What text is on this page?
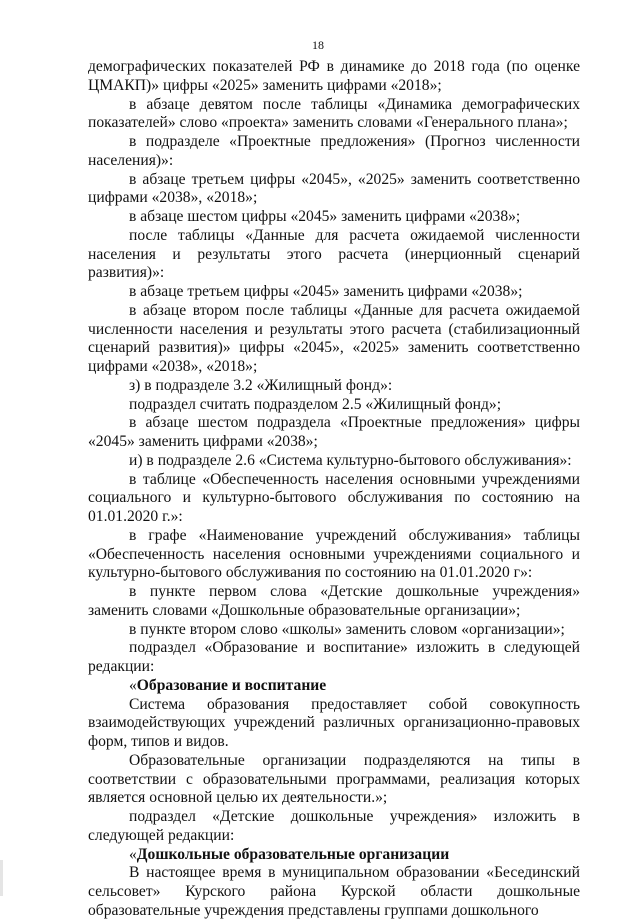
18

демографических показателей РФ в динамике до 2018 года (по оценке ЦМАКП)» цифры «2025» заменить цифрами «2018»;

в абзаце девятом после таблицы «Динамика демографических показателей» слово «проекта» заменить словами «Генерального плана»;

в подразделе «Проектные предложения» (Прогноз численности населения)»:

в абзаце третьем цифры «2045», «2025» заменить соответственно цифрами «2038», «2018»;

в абзаце шестом цифры «2045» заменить цифрами «2038»;

после таблицы «Данные для расчета ожидаемой численности населения и результаты этого расчета (инерционный сценарий развития)»:

в абзаце третьем цифры «2045» заменить цифрами «2038»;

в абзаце втором после таблицы «Данные для расчета ожидаемой численности населения и результаты этого расчета (стабилизационный сценарий развития)» цифры «2045», «2025» заменить соответственно цифрами «2038», «2018»;

з) в подразделе 3.2 «Жилищный фонд»:

подраздел считать подразделом 2.5 «Жилищный фонд»;

в абзаце шестом подраздела «Проектные предложения» цифры «2045» заменить цифрами «2038»;

и) в подразделе 2.6 «Система культурно-бытового обслуживания»:

в таблице «Обеспеченность населения основными учреждениями социального и культурно-бытового обслуживания по состоянию на 01.01.2020 г.»:

в графе «Наименование учреждений обслуживания» таблицы «Обеспеченность населения основными учреждениями социального и культурно-бытового обслуживания по состоянию на 01.01.2020 г»:

в пункте первом слова «Детские дошкольные учреждения» заменить словами «Дошкольные образовательные организации»;

в пункте втором слово «школы» заменить словом «организации»;

подраздел «Образование и воспитание» изложить в следующей редакции:

«Образование и воспитание

Система образования предоставляет собой совокупность взаимодействующих учреждений различных организационно-правовых форм, типов и видов.

Образовательные организации подразделяются на типы в соответствии с образовательными программами, реализация которых является основной целью их деятельности.»;

подраздел «Детские дошкольные учреждения» изложить в следующей редакции:

«Дошкольные образовательные организации

В настоящее время в муниципальном образовании «Бесединский сельсовет» Курского района Курской области дошкольные образовательные учреждения представлены группами дошкольного
